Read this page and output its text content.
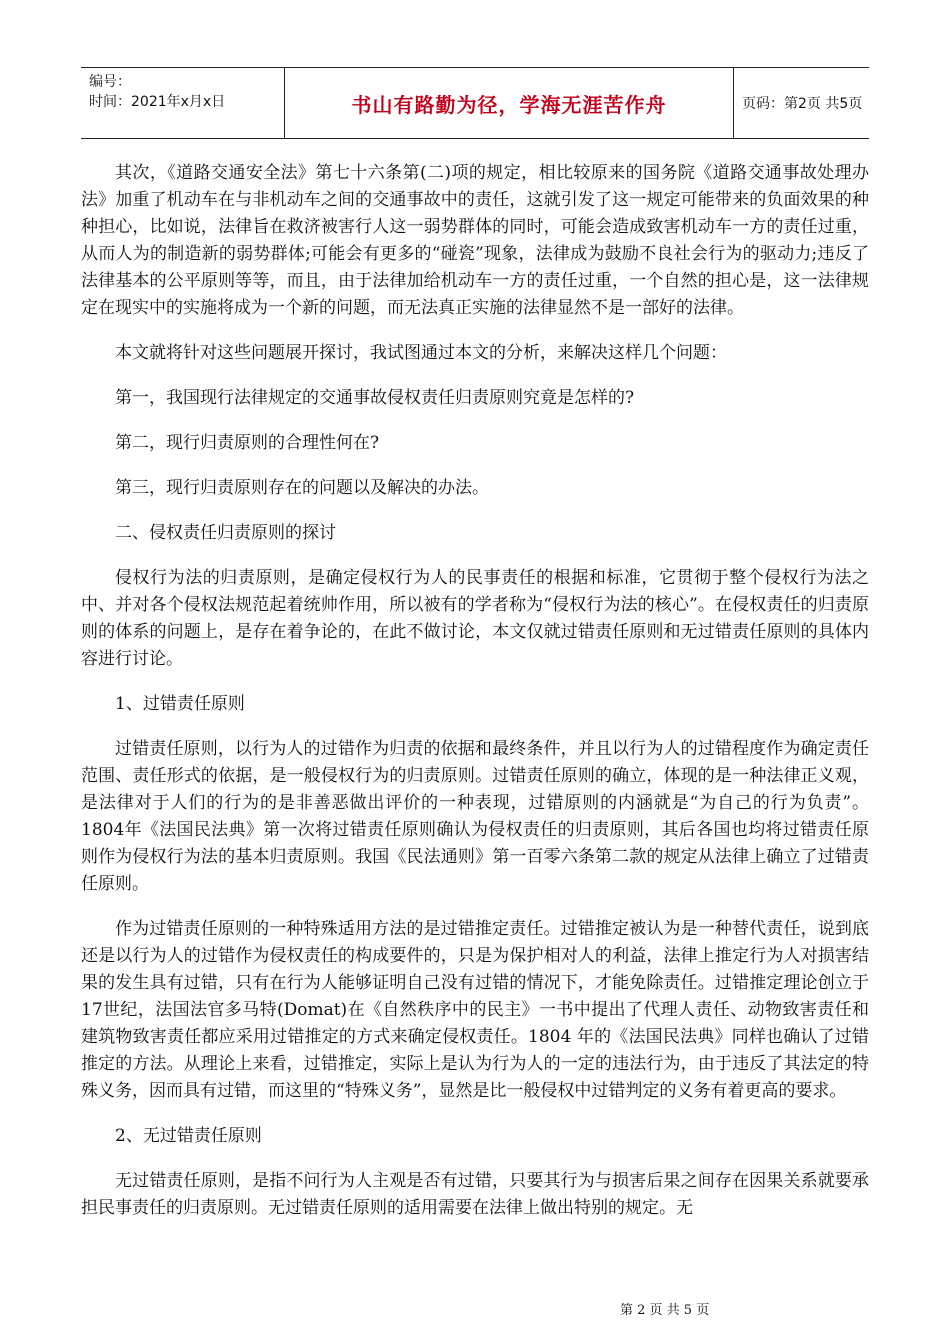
编号：
时间：2021年x月x日	书山有路勤为径，学海无涯苦作舟	页码：第2页 共5页

其次，《道路交通安全法》第七十六条第(二)项的规定，相比较原来的国务院《道路交通事故处理办法》加重了机动车在与非机动车之间的交通事故中的责任，这就引发了这一规定可能带来的负面效果的种种担心，比如说，法律旨在救济被害行人这一弱势群体的同时，可能会造成致害机动车一方的责任过重，从而人为的制造新的弱势群体;可能会有更多的“碰瓷”现象，法律成为鼓励不良社会行为的驱动力;违反了法律基本的公平原则等等，而且，由于法律加给机动车一方的责任过重，一个自然的担心是，这一法律规定在现实中的实施将成为一个新的问题，而无法真正实施的法律显然不是一部好的法律。

本文就将针对这些问题展开探讨，我试图通过本文的分析，来解决这样几个问题：

第一，我国现行法律规定的交通事故侵权责任归责原则究竟是怎样的?

第二，现行归责原则的合理性何在?

第三，现行归责原则存在的问题以及解决的办法。

二、侵权责任归责原则的探讨

侵权行为法的归责原则，是确定侵权行为人的民事责任的根据和标准，它贯彻于整个侵权行为法之中、并对各个侵权法规范起着统帅作用，所以被有的学者称为“侵权行为法的核心”。在侵权责任的归责原则的体系的问题上，是存在着争论的，在此不做讨论，本文仅就过错责任原则和无过错责任原则的具体内容进行讨论。

1、过错责任原则

过错责任原则，以行为人的过错作为归责的依据和最终条件，并且以行为人的过错程度作为确定责任范围、责任形式的依据，是一般侵权行为的归责原则。过错责任原则的确立，体现的是一种法律正义观，是法律对于人们的行为的是非善恶做出评价的一种表现，过错原则的内涵就是“为自己的行为负责”。1804年《法国民法典》第一次将过错责任原则确认为侵权责任的归责原则，其后各国也均将过错责任原则作为侵权行为法的基本归责原则。我国《民法通则》第一百零六条第二款的规定从法律上确立了过错责任原则。

作为过错责任原则的一种特殊适用方法的是过错推定责任。过错推定被认为是一种替代责任，说到底还是以行为人的过错作为侵权责任的构成要件的，只是为保护相对人的利益，法律上推定行为人对损害结果的发生具有过错，只有在行为人能够证明自己没有过错的情况下，才能免除责任。过错推定理论创立于17世纪，法国法官多马特(Domat)在《自然秩序中的民主》一书中提出了代理人责任、动物致害责任和建筑物致害责任都应采用过错推定的方式来确定侵权责任。1804 年的《法国民法典》同样也确认了过错推定的方法。从理论上来看，过错推定，实际上是认为行为人的一定的违法行为，由于违反了其法定的特殊义务，因而具有过错，而这里的“特殊义务”，显然是比一般侵权中过错判定的义务有着更高的要求。

2、无过错责任原则

无过错责任原则，是指不问行为人主观是否有过错，只要其行为与损害后果之间存在因果关系就要承担民事责任的归责原则。无过错责任原则的适用需要在法律上做出特别的规定。无

第 2 页 共 5 页
